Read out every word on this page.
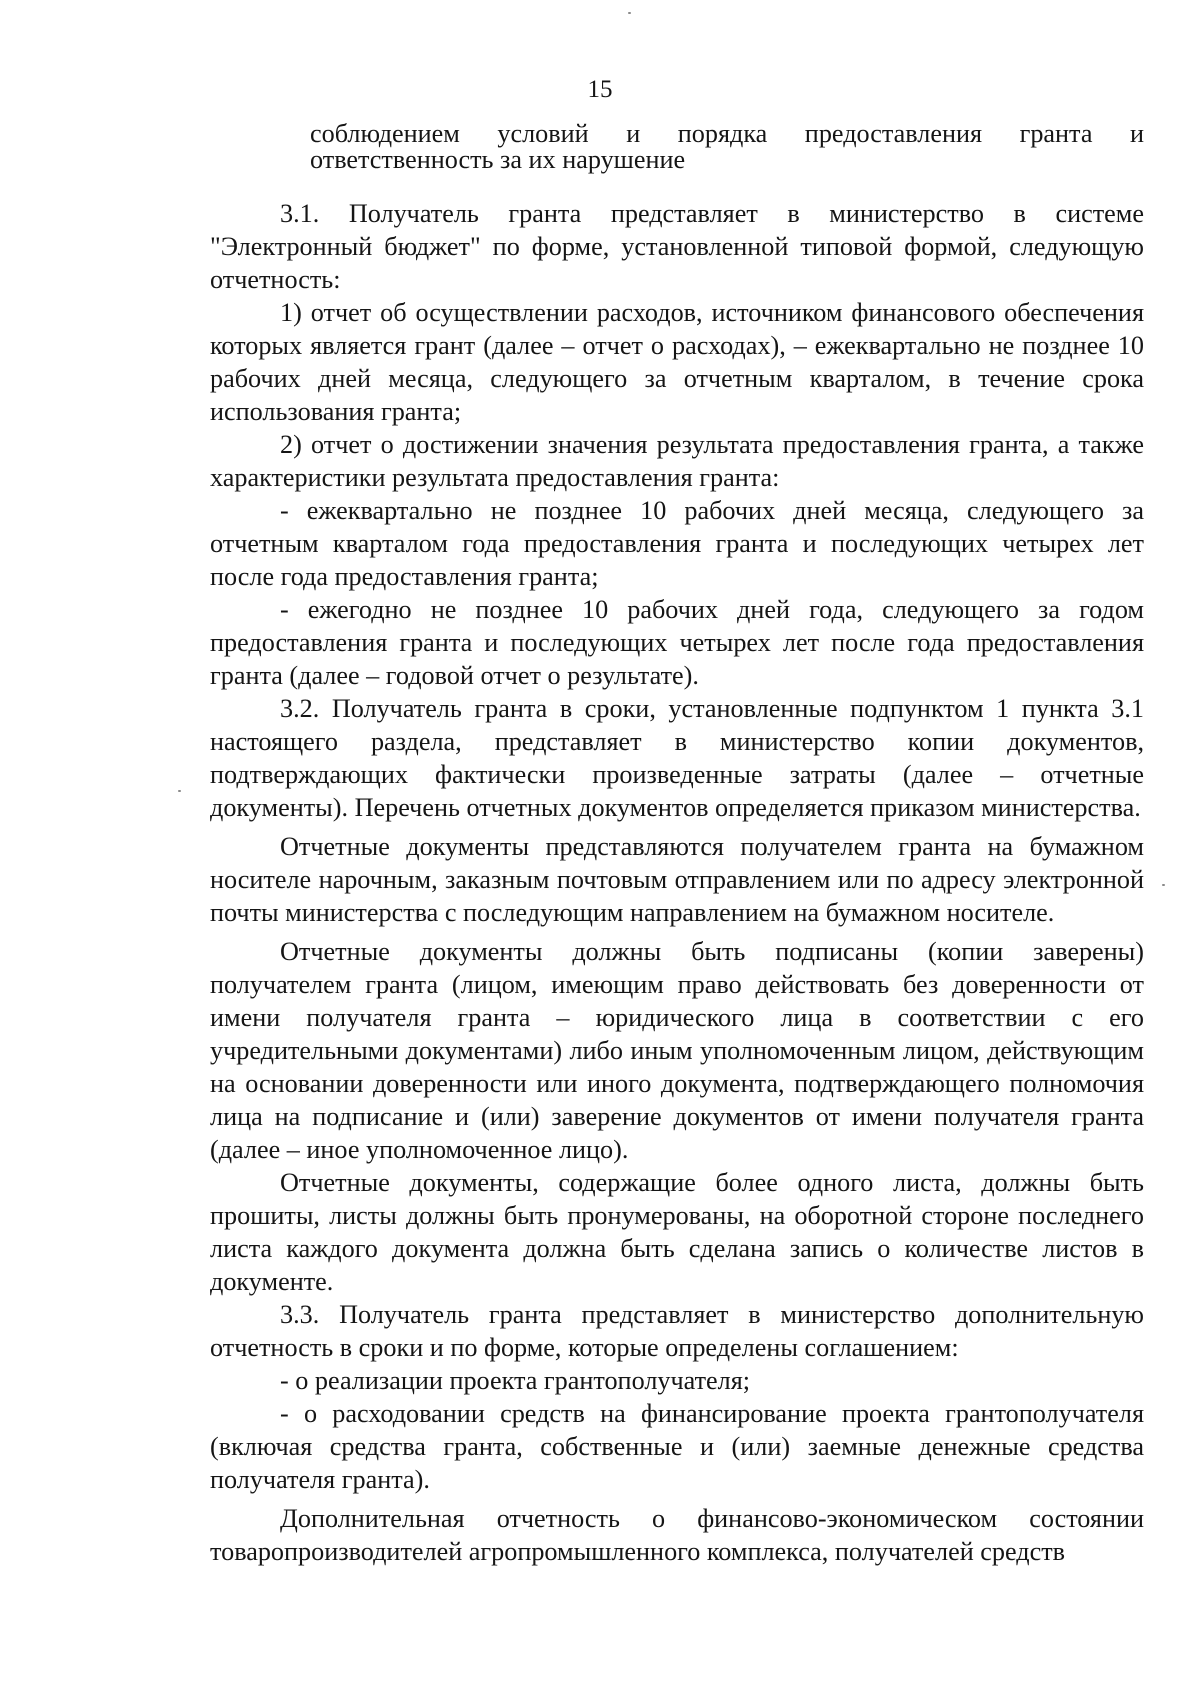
15

соблюдением условий и порядка предоставления гранта и ответственность за их нарушение

3.1. Получатель гранта представляет в министерство в системе "Электронный бюджет" по форме, установленной типовой формой, следующую отчетность:

1) отчет об осуществлении расходов, источником финансового обеспечения которых является грант (далее – отчет о расходах), – ежеквартально не позднее 10 рабочих дней месяца, следующего за отчетным кварталом, в течение срока использования гранта;

2) отчет о достижении значения результата предоставления гранта, а также характеристики результата предоставления гранта:

- ежеквартально не позднее 10 рабочих дней месяца, следующего за отчетным кварталом года предоставления гранта и последующих четырех лет после года предоставления гранта;

- ежегодно не позднее 10 рабочих дней года, следующего за годом предоставления гранта и последующих четырех лет после года предоставления гранта (далее – годовой отчет о результате).

3.2. Получатель гранта в сроки, установленные подпунктом 1 пункта 3.1 настоящего раздела, представляет в министерство копии документов, подтверждающих фактически произведенные затраты (далее – отчетные документы). Перечень отчетных документов определяется приказом министерства.

Отчетные документы представляются получателем гранта на бумажном носителе нарочным, заказным почтовым отправлением или по адресу электронной почты министерства с последующим направлением на бумажном носителе.

Отчетные документы должны быть подписаны (копии заверены) получателем гранта (лицом, имеющим право действовать без доверенности от имени получателя гранта – юридического лица в соответствии с его учредительными документами) либо иным уполномоченным лицом, действующим на основании доверенности или иного документа, подтверждающего полномочия лица на подписание и (или) заверение документов от имени получателя гранта (далее – иное уполномоченное лицо).

Отчетные документы, содержащие более одного листа, должны быть прошиты, листы должны быть пронумерованы, на оборотной стороне последнего листа каждого документа должна быть сделана запись о количестве листов в документе.

3.3. Получатель гранта представляет в министерство дополнительную отчетность в сроки и по форме, которые определены соглашением:

- о реализации проекта грантополучателя;

- о расходовании средств на финансирование проекта грантополучателя (включая средства гранта, собственные и (или) заемные денежные средства получателя гранта).

Дополнительная отчетность о финансово-экономическом состоянии товаропроизводителей агропромышленного комплекса, получателей средств
